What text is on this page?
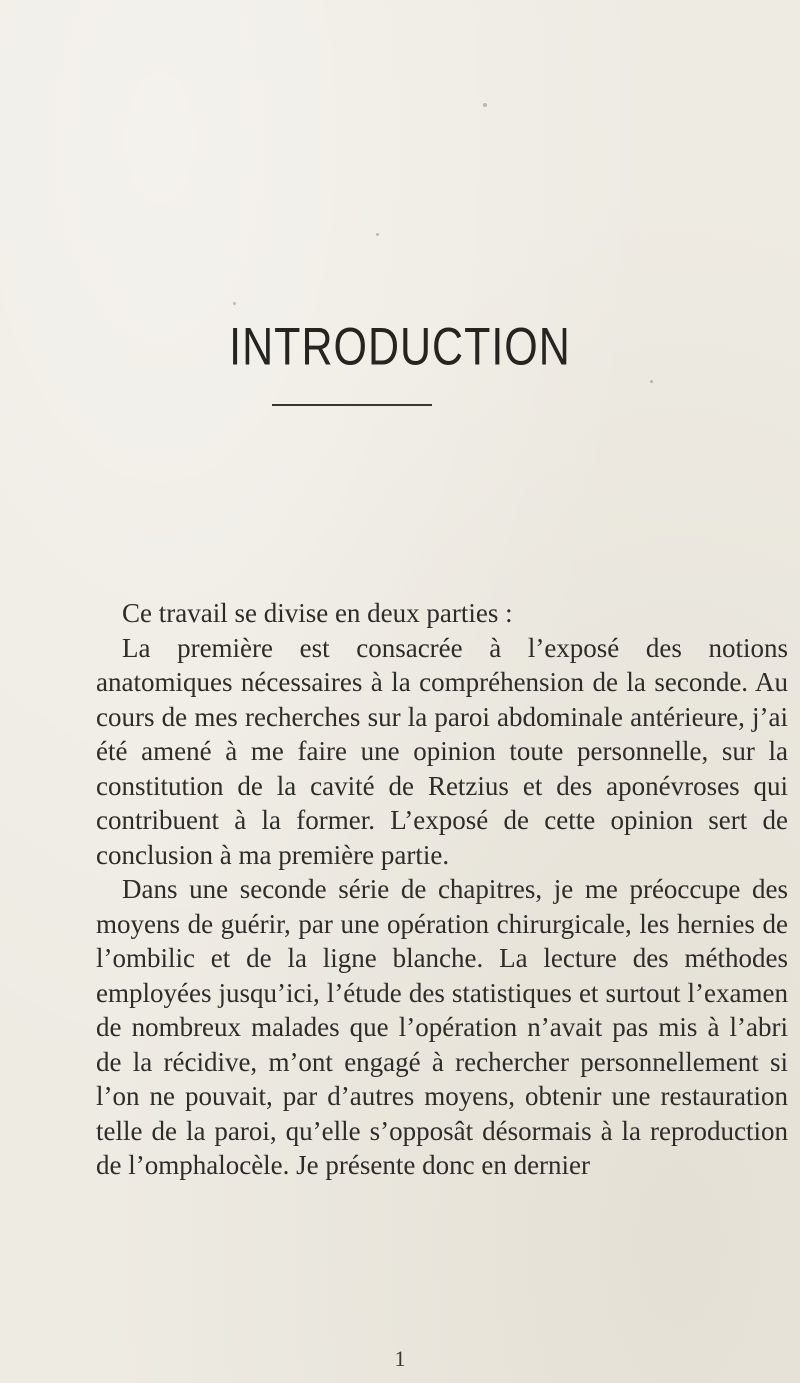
INTRODUCTION

Ce travail se divise en deux parties :

La première est consacrée à l’exposé des notions anatomiques nécessaires à la compréhension de la seconde. Au cours de mes recherches sur la paroi abdominale antérieure, j’ai été amené à me faire une opinion toute personnelle, sur la constitution de la cavité de Retzius et des aponévroses qui contribuent à la former. L’exposé de cette opinion sert de conclusion à ma première partie.

Dans une seconde série de chapitres, je me préoccupe des moyens de guérir, par une opération chirurgicale, les hernies de l’ombilic et de la ligne blanche. La lecture des méthodes employées jusqu’ici, l’étude des statistiques et surtout l’examen de nombreux malades que l’opération n’avait pas mis à l’abri de la récidive, m’ont engagé à rechercher personnellement si l’on ne pouvait, par d’autres moyens, obtenir une restauration telle de la paroi, qu’elle s’opposât désormais à la reproduction de l’omphalocèle. Je présente donc en dernier

1
